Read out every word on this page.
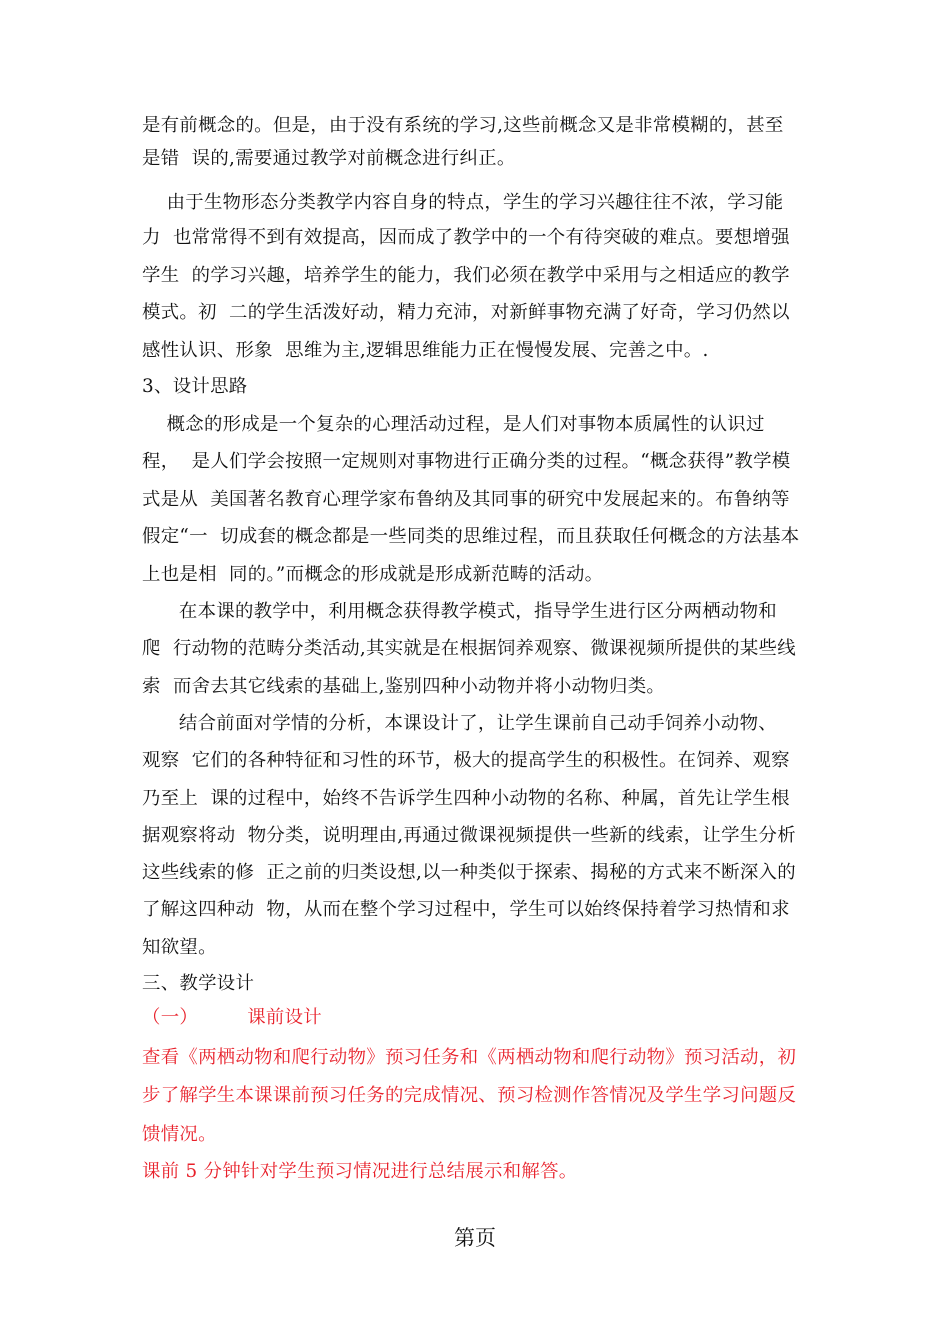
是有前概念的。但是，由于没有系统的学习,这些前概念又是非常模糊的，甚至
是错  误的,需要通过教学对前概念进行纠正。
由于生物形态分类教学内容自身的特点，学生的学习兴趣往往不浓，学习能
力  也常常得不到有效提高，因而成了教学中的一个有待突破的难点。要想增强
学生  的学习兴趣，培养学生的能力，我们必须在教学中采用与之相适应的教学
模式。初  二的学生活泼好动，精力充沛，对新鲜事物充满了好奇，学习仍然以
感性认识、形象  思维为主,逻辑思维能力正在慢慢发展、完善之中。.
3、设计思路
概念的形成是一个复杂的心理活动过程，是人们对事物本质属性的认识过
程，  是人们学会按照一定规则对事物进行正确分类的过程。“概念获得”教学模
式是从  美国著名教育心理学家布鲁纳及其同事的研究中发展起来的。布鲁纳等
假定“一  切成套的概念都是一些同类的思维过程，而且获取任何概念的方法基本
上也是相  同的。”而概念的形成就是形成新范畴的活动。
在本课的教学中，利用概念获得教学模式，指导学生进行区分两栖动物和
爬  行动物的范畴分类活动,其实就是在根据饲养观察、微课视频所提供的某些线
索  而舍去其它线索的基础上,鉴别四种小动物并将小动物归类。
结合前面对学情的分析，本课设计了，让学生课前自己动手饲养小动物、
观察  它们的各种特征和习性的环节，极大的提高学生的积极性。在饲养、观察
乃至上  课的过程中，始终不告诉学生四种小动物的名称、种属，首先让学生根
据观察将动  物分类，说明理由,再通过微课视频提供一些新的线索，让学生分析
这些线索的修  正之前的归类设想,以一种类似于探索、揭秘的方式来不断深入的
了解这四种动  物，从而在整个学习过程中，学生可以始终保持着学习热情和求
知欲望。
三、教学设计
（一）        课前设计
查看《两栖动物和爬行动物》预习任务和《两栖动物和爬行动物》预习活动，初
步了解学生本课课前预习任务的完成情况、预习检测作答情况及学生学习问题反
馈情况。
课前 5 分钟针对学生预习情况进行总结展示和解答。
第页
